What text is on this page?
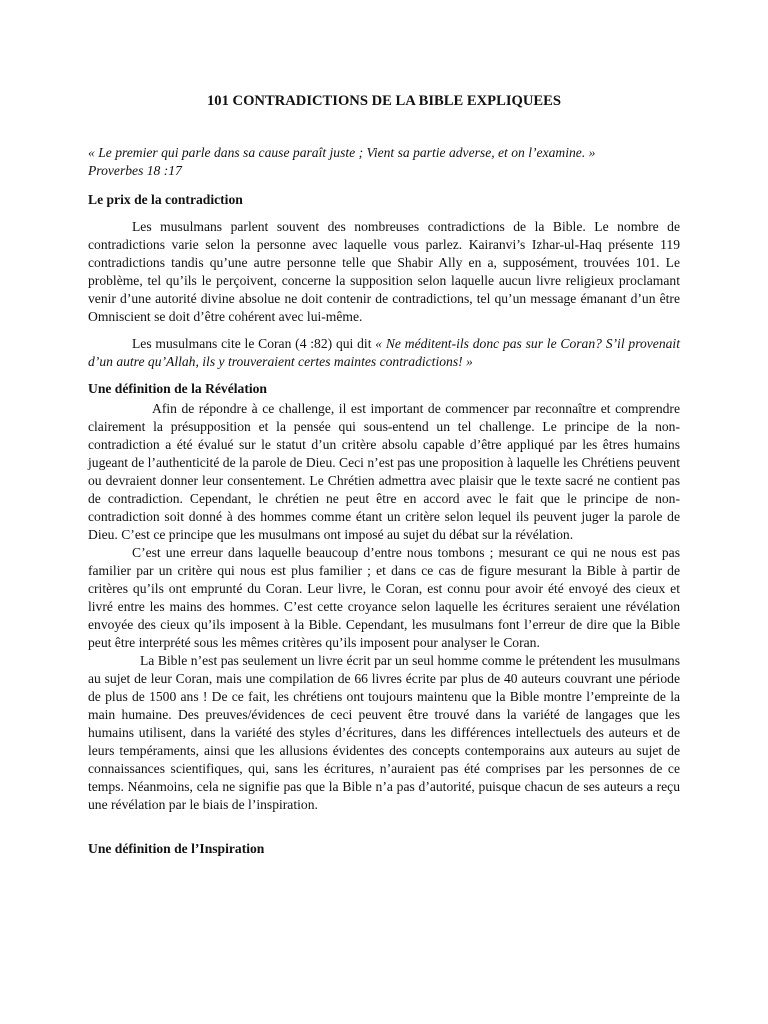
101 CONTRADICTIONS DE LA BIBLE EXPLIQUEES

« Le premier qui parle dans sa cause paraît juste ; Vient sa partie adverse, et on l’examine. »

Proverbes 18 :17

Le prix de la contradiction

Les musulmans parlent souvent des nombreuses contradictions de la Bible. Le nombre de contradictions varie selon la personne avec laquelle vous parlez. Kairanvi’s Izhar-ul-Haq présente 119 contradictions tandis qu’une autre personne telle que Shabir Ally en a, supposément, trouvées 101. Le problème, tel qu’ils le perçoivent, concerne la supposition selon laquelle aucun livre religieux proclamant venir d’une autorité divine absolue ne doit contenir de contradictions, tel qu’un message émanant d’un être Omniscient se doit d’être cohérent avec lui-même.

Les musulmans cite le Coran (4 :82) qui dit « Ne méditent-ils donc pas sur le Coran? S’il provenait d’un autre qu’Allah, ils y trouveraient certes maintes contradictions! »

Une définition de la Révélation

Afin de répondre à ce challenge, il est important de commencer par reconnaître et comprendre clairement la présupposition et la pensée qui sous-entend un tel challenge. Le principe de la non-contradiction a été évalué sur le statut d’un critère absolu capable d’être appliqué par les êtres humains jugeant de l’authenticité de la parole de Dieu. Ceci n’est pas une proposition à laquelle les Chrétiens peuvent ou devraient donner leur consentement. Le Chrétien admettra avec plaisir que le texte sacré ne contient pas de contradiction. Cependant, le chrétien ne peut être en accord avec le fait que le principe de non-contradiction soit donné à des hommes comme étant un critère selon lequel ils peuvent juger la parole de Dieu. C’est ce principe que les musulmans ont imposé au sujet du débat sur la révélation.

C’est une erreur dans laquelle beaucoup d’entre nous tombons ; mesurant ce qui ne nous est pas familier par un critère qui nous est plus familier ; et dans ce cas de figure mesurant la Bible à partir de critères qu’ils ont emprunté du Coran. Leur livre, le Coran, est connu pour avoir été envoyé des cieux et livré entre les mains des hommes. C’est cette croyance selon laquelle les écritures seraient une révélation envoyée des cieux qu’ils imposent à la Bible. Cependant, les musulmans font l’erreur de dire que la Bible peut être interprété sous les mêmes critères qu’ils imposent pour analyser le Coran.

La Bible n’est pas seulement un livre écrit par un seul homme comme le prétendent les musulmans au sujet de leur Coran, mais une compilation de 66 livres écrite par plus de 40 auteurs couvrant une période de plus de 1500 ans ! De ce fait, les chrétiens ont toujours maintenu que la Bible montre l’empreinte de la main humaine. Des preuves/évidences de ceci peuvent être trouvé dans la variété de langages que les humains utilisent, dans la variété des styles d’écritures, dans les différences intellectuels des auteurs et de leurs tempéraments, ainsi que les allusions évidentes des concepts contemporains aux auteurs au sujet de connaissances scientifiques, qui, sans les écritures, n’auraient pas été comprises par les personnes de ce temps. Néanmoins, cela ne signifie pas que la Bible n’a pas d’autorité, puisque chacun de ses auteurs a reçu une révélation par le biais de l’inspiration.

Une définition de l’Inspiration
